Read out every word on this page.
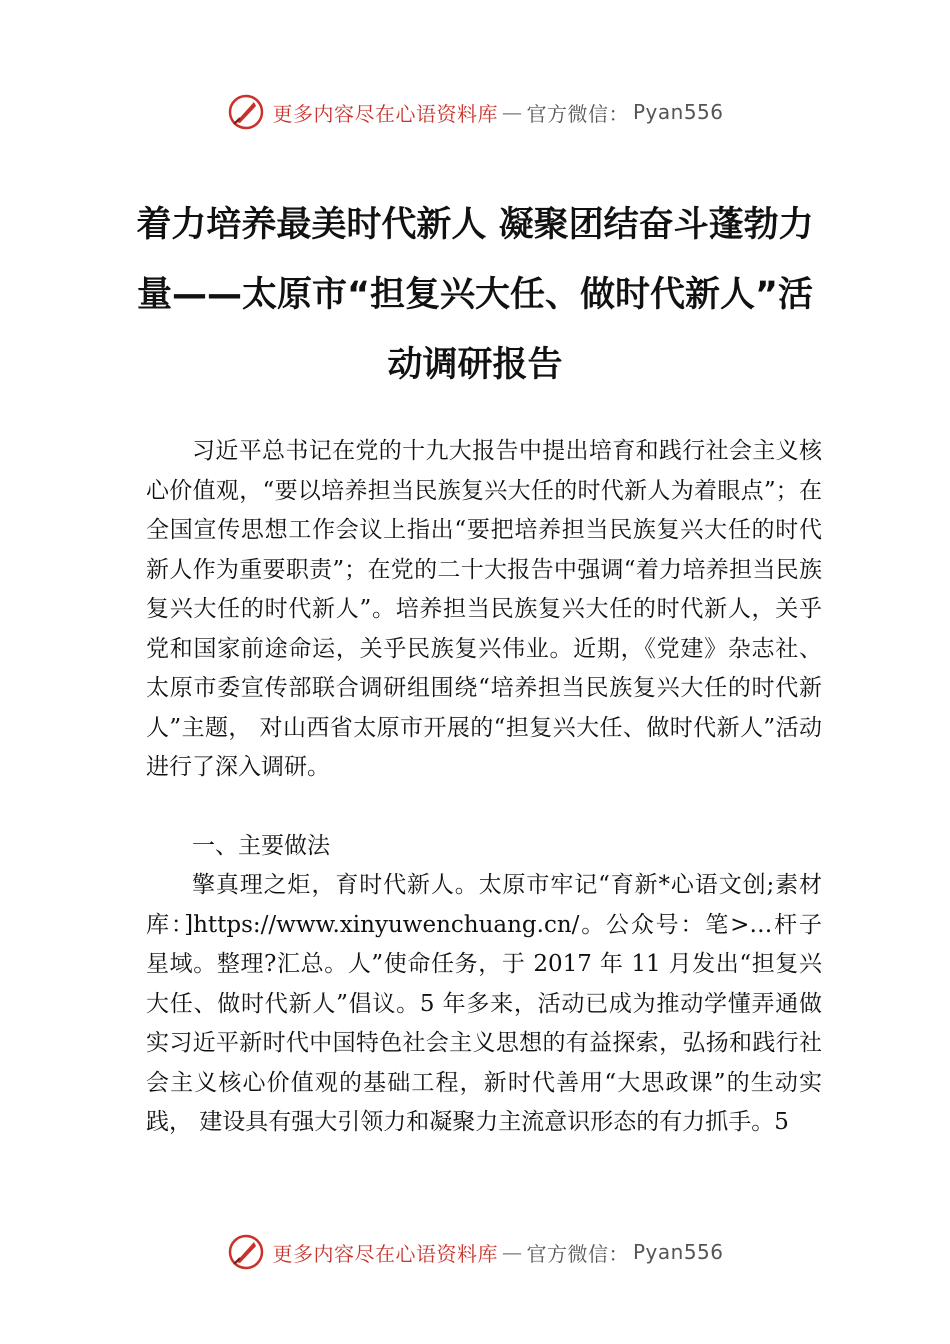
更多内容尽在心语资料库 — 官方微信： Pyan556
着力培养最美时代新人 凝聚团结奋斗蓬勃力量——太原市“担复兴大任、做时代新人”活动调研报告

习近平总书记在党的十九大报告中提出培育和践行社会主义核心价值观，“要以培养担当民族复兴大任的时代新人为着眼点”；在全国宣传思想工作会议上指出“要把培养担当民族复兴大任的时代新人作为重要职责”；在党的二十大报告中强调“着力培养担当民族复兴大任的时代新人”。培养担当民族复兴大任的时代新人，关乎党和国家前途命运，关乎民族复兴伟业。近期，《党建》杂志社、太原市委宣传部联合调研组围绕“培养担当民族复兴大任的时代新人”主题， 对山西省太原市开展的“担复兴大任、做时代新人”活动进行了深入调研。

一、主要做法

擎真理之炬，育时代新人。太原市牢记“育新*心语文创;素材库：]https://www.xinyuwenchuang.cn/。公众号：笔>…杆子星域。整理?汇总。人”使命任务，于 2017 年 11 月发出“担复兴大任、做时代新人”倡议。5 年多来，活动已成为推动学懂弄通做实习近平新时代中国特色社会主义思想的有益探索，弘扬和践行社会主义核心价值观的基础工程，新时代善用“大思政课”的生动实践， 建设具有强大引领力和凝聚力主流意识形态的有力抓手。5

更多内容尽在心语资料库 — 官方微信： Pyan556
